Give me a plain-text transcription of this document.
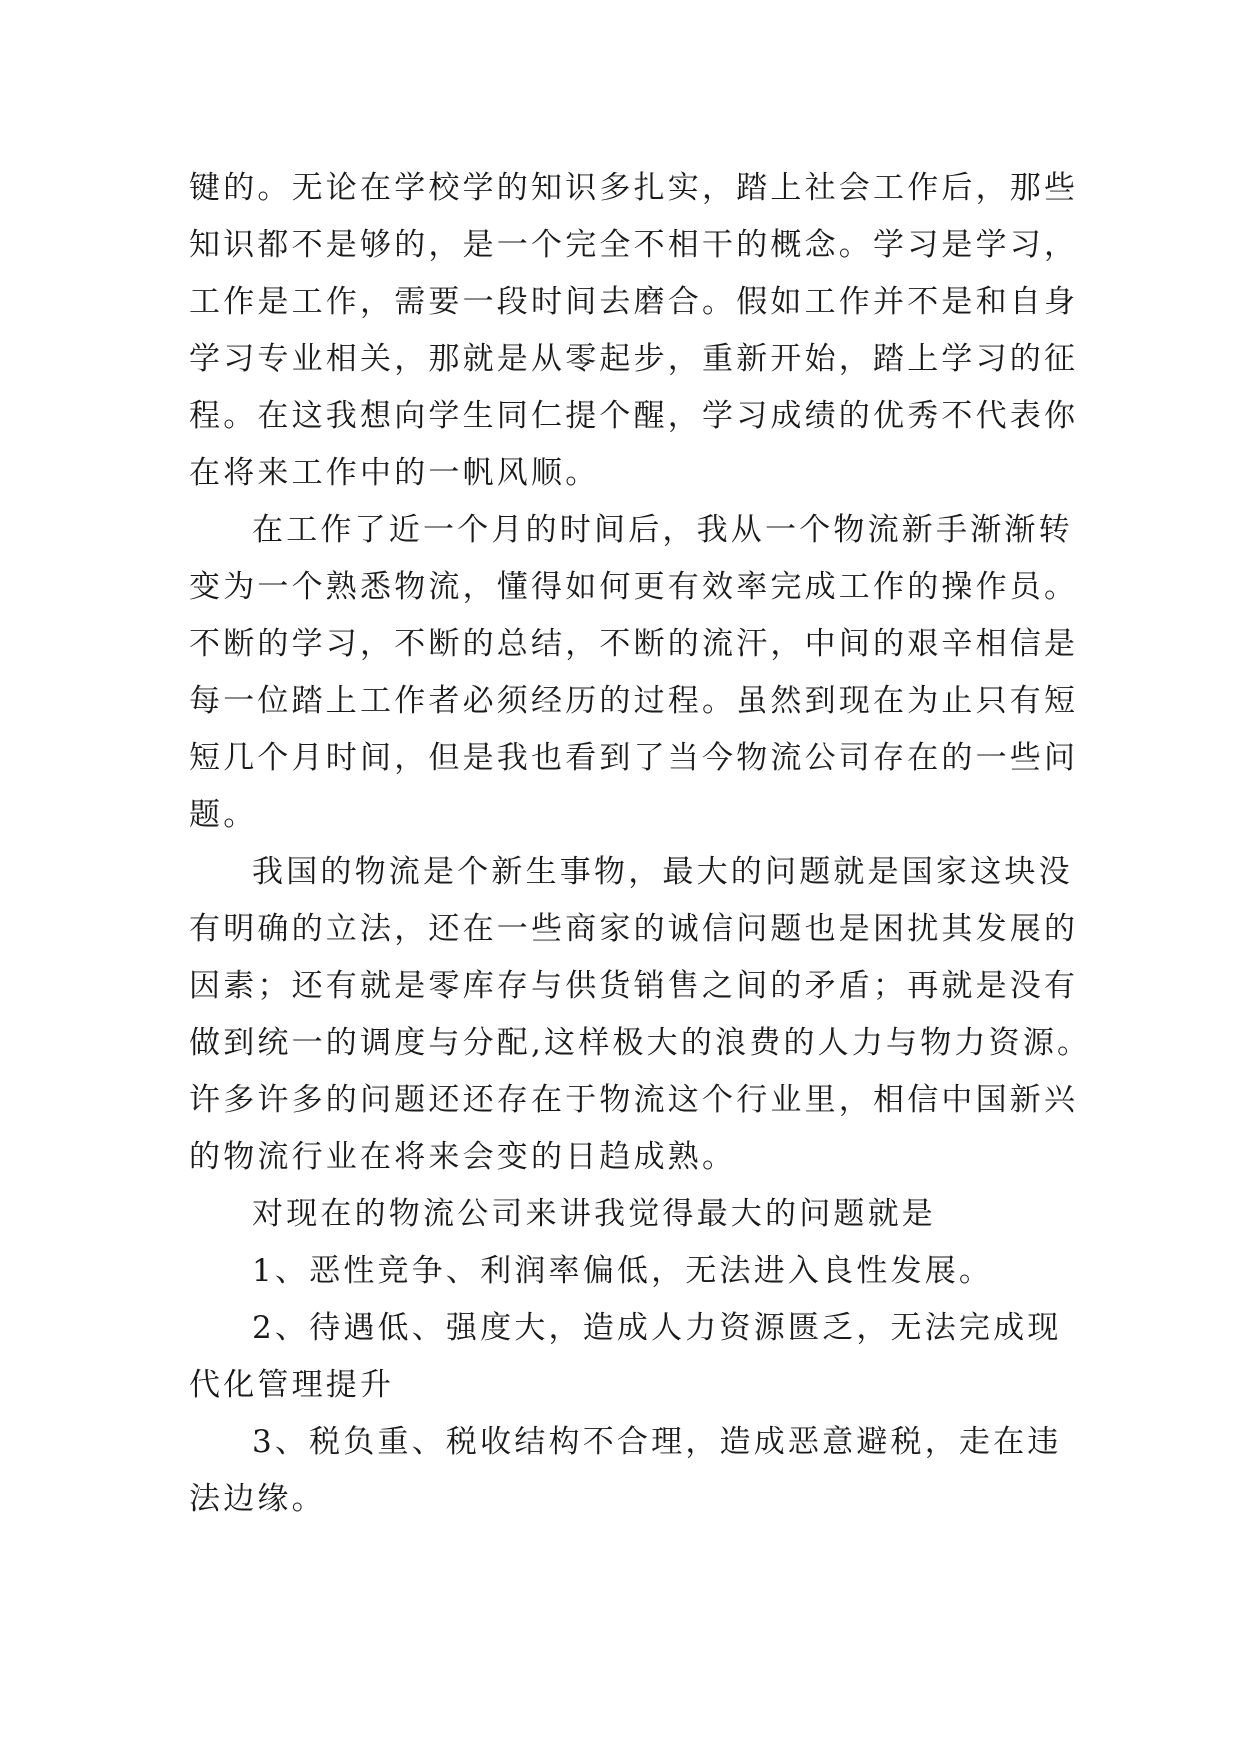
键的。无论在学校学的知识多扎实，踏上社会工作后，那些
知识都不是够的，是一个完全不相干的概念。学习是学习，
工作是工作，需要一段时间去磨合。假如工作并不是和自身
学习专业相关，那就是从零起步，重新开始，踏上学习的征
程。在这我想向学生同仁提个醒，学习成绩的优秀不代表你
在将来工作中的一帆风顺。
在工作了近一个月的时间后，我从一个物流新手渐渐转
变为一个熟悉物流，懂得如何更有效率完成工作的操作员。
不断的学习，不断的总结，不断的流汗，中间的艰辛相信是
每一位踏上工作者必须经历的过程。虽然到现在为止只有短
短几个月时间，但是我也看到了当今物流公司存在的一些问
题。
我国的物流是个新生事物，最大的问题就是国家这块没
有明确的立法，还在一些商家的诚信问题也是困扰其发展的
因素；还有就是零库存与供货销售之间的矛盾；再就是没有
做到统一的调度与分配,这样极大的浪费的人力与物力资源。
许多许多的问题还还存在于物流这个行业里，相信中国新兴
的物流行业在将来会变的日趋成熟。
对现在的物流公司来讲我觉得最大的问题就是
1、恶性竞争、利润率偏低，无法进入良性发展。
2、待遇低、强度大，造成人力资源匮乏，无法完成现
代化管理提升
3、税负重、税收结构不合理，造成恶意避税，走在违
法边缘。
